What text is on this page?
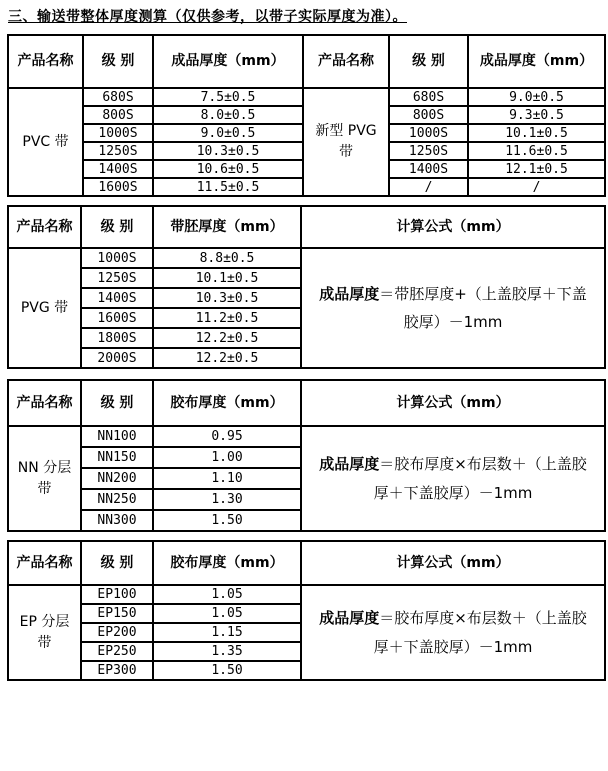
三、输送带整体厚度测算（仅供参考，以带子实际厚度为准）。
产品名称	级 别	成品厚度（mm）	产品名称	级 别	成品厚度（mm）
PVC 带	680S	7.5±0.5	新型 PVG 带	680S	9.0±0.5
	800S	8.0±0.5		800S	9.3±0.5
	1000S	9.0±0.5		1000S	10.1±0.5
	1250S	10.3±0.5		1250S	11.6±0.5
	1400S	10.6±0.5		1400S	12.1±0.5
	1600S	11.5±0.5		/	/
产品名称	级 别	带胚厚度（mm）	计算公式（mm）
PVG 带	1000S	8.8±0.5	成品厚度＝带胚厚度+（上盖胶厚＋下盖胶厚）－1mm
	1250S	10.1±0.5	
	1400S	10.3±0.5	
	1600S	11.2±0.5	
	1800S	12.2±0.5	
	2000S	12.2±0.5	
产品名称	级 别	胶布厚度（mm）	计算公式（mm）
NN 分层带	NN100	0.95	成品厚度＝胶布厚度×布层数＋（上盖胶厚＋下盖胶厚）－1mm
	NN150	1.00	
	NN200	1.10	
	NN250	1.30	
	NN300	1.50	
产品名称	级 别	胶布厚度（mm）	计算公式（mm）
EP 分层带	EP100	1.05	成品厚度＝胶布厚度×布层数＋（上盖胶厚＋下盖胶厚）－1mm
	EP150	1.05	
	EP200	1.15	
	EP250	1.35	
	EP300	1.50	
